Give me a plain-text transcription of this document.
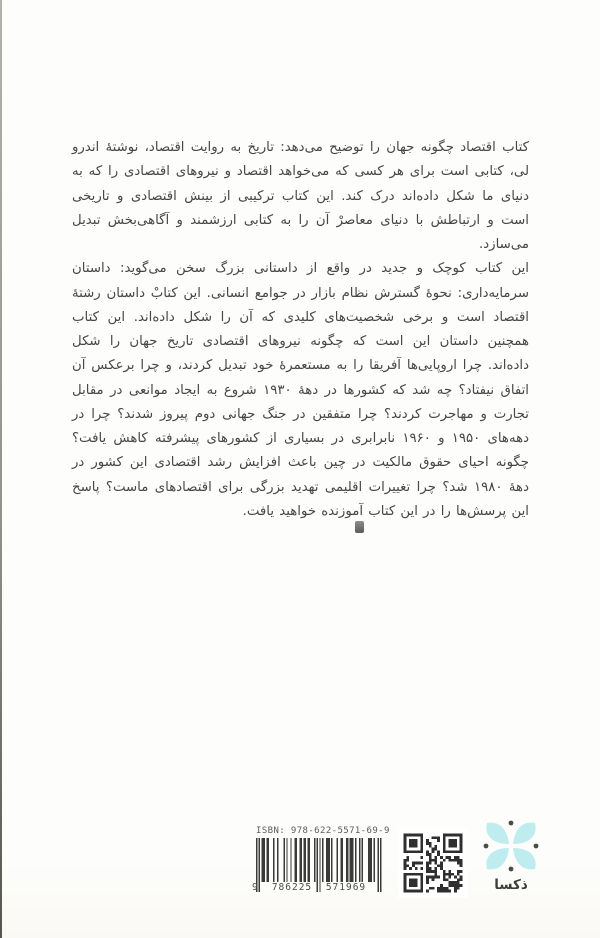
کتاب اقتصاد چگونه جهان را توضیح می‌دهد: تاریخ به روایت اقتصاد، نوشتهٔ اندرو لی، کتابی است برای هر کسی که می‌خواهد اقتصاد و نیروهای اقتصادی را که به دنیای ما شکل داده‌اند درک کند. این کتاب ترکیبی از بینش اقتصادی و تاریخی است و ارتباطش با دنیای معاصرْ آن را به کتابی ارزشمند و آگاهی‌بخش تبدیل می‌سازد.

این کتاب کوچک و جدید در واقع از داستانی بزرگ سخن می‌گوید: داستان سرمایه‌داری: نحوهٔ گسترش نظام بازار در جوامع انسانی. این کتابْ داستان رشتهٔ اقتصاد است و برخی شخصیت‌های کلیدی که آن را شکل داده‌اند. این کتاب همچنین داستان این است که چگونه نیروهای اقتصادی تاریخ جهان را شکل داده‌اند. چرا اروپایی‌ها آفریقا را به مستعمرهٔ خود تبدیل کردند، و چرا برعکس آن اتفاق نیفتاد؟ چه شد که کشورها در دهۀ ۱۹۳۰ شروع به ایجاد موانعی در مقابل تجارت و مهاجرت کردند؟ چرا متفقین در جنگ جهانی دوم پیروز شدند؟ چرا در دهه‌های ۱۹۵۰ و ۱۹۶۰ نابرابری در بسیاری از کشورهای پیشرفته کاهش یافت؟ چگونه احیای حقوق مالکیت در چین باعث افزایش رشد اقتصادی این کشور در دهۀ ۱۹۸۰ شد؟ چرا تغییرات اقلیمی تهدید بزرگی برای اقتصادهای ماست؟ پاسخ این پرسش‌ها را در این کتاب آموزنده خواهید یافت.

ISBN: 978-622-5571-69-9
9	786225	571969	ذکسا
